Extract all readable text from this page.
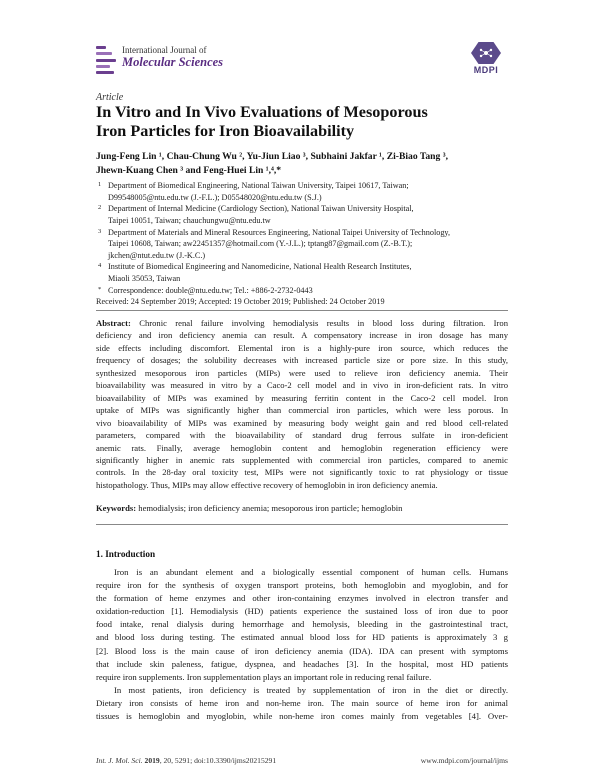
International Journal of
Molecular Sciences
MDPI
Article
In Vitro and In Vivo Evaluations of Mesoporous
Iron Particles for Iron Bioavailability
Jung-Feng Lin ¹, Chau-Chung Wu ², Yu-Jiun Liao ³, Subhaini Jakfar ¹, Zi-Biao Tang ³,
Jhewn-Kuang Chen ³ and Feng-Huei Lin ¹,⁴,*
1 Department of Biomedical Engineering, National Taiwan University, Taipei 10617, Taiwan;
D99548005@ntu.edu.tw (J.-F.L.); D05548020@ntu.edu.tw (S.J.)
2 Department of Internal Medicine (Cardiology Section), National Taiwan University Hospital,
Taipei 10051, Taiwan; chauchungwu@ntu.edu.tw
3 Department of Materials and Mineral Resources Engineering, National Taipei University of Technology,
Taipei 10608, Taiwan; aw22451357@hotmail.com (Y.-J.L.); tptang87@gmail.com (Z.-B.T.);
jkchen@ntut.edu.tw (J.-K.C.)
4 Institute of Biomedical Engineering and Nanomedicine, National Health Research Institutes,
Miaoli 35053, Taiwan
* Correspondence: double@ntu.edu.tw; Tel.: +886-2-2732-0443
Received: 24 September 2019; Accepted: 19 October 2019; Published: 24 October 2019
Abstract: Chronic renal failure involving hemodialysis results in blood loss during filtration. Iron
deficiency and iron deficiency anemia can result. A compensatory increase in iron dosage has many
side effects including discomfort. Elemental iron is a highly-pure iron source, which reduces the
frequency of dosages; the solubility decreases with increased particle size or pore size. In this study,
synthesized mesoporous iron particles (MIPs) were used to relieve iron deficiency anemia. Their
bioavailability was measured in vitro by a Caco-2 cell model and in vivo in iron-deficient rats. In vitro
bioavailability of MIPs was examined by measuring ferritin content in the Caco-2 cell model. Iron
uptake of MIPs was significantly higher than commercial iron particles, which were less porous. In
vivo bioavailability of MIPs was examined by measuring body weight gain and red blood cell-related
parameters, compared with the bioavailability of standard drug ferrous sulfate in iron-deficient
anemic rats. Finally, average hemoglobin content and hemoglobin regeneration efficiency were
significantly higher in anemic rats supplemented with commercial iron particles, compared to anemic
controls. In the 28-day oral toxicity test, MIPs were not significantly toxic to rat physiology or tissue
histopathology. Thus, MIPs may allow effective recovery of hemoglobin in iron deficiency anemia.
Keywords: hemodialysis; iron deficiency anemia; mesoporous iron particle; hemoglobin
1. Introduction
Iron is an abundant element and a biologically essential component of human cells. Humans
require iron for the synthesis of oxygen transport proteins, both hemoglobin and myoglobin, and for
the formation of heme enzymes and other iron-containing enzymes involved in electron transfer and
oxidation-reduction [1]. Hemodialysis (HD) patients experience the sustained loss of iron due to poor
food intake, renal dialysis during hemorrhage and hemolysis, bleeding in the gastrointestinal tract,
and blood loss during testing. The estimated annual blood loss for HD patients is approximately 3 g
[2]. Blood loss is the main cause of iron deficiency anemia (IDA). IDA can present with symptoms
that include skin paleness, fatigue, dyspnea, and headaches [3]. In the hospital, most HD patients
require iron supplements. Iron supplementation plays an important role in reducing renal failure.
In most patients, iron deficiency is treated by supplementation of iron in the diet or directly.
Dietary iron consists of heme iron and non-heme iron. The main source of heme iron for animal
tissues is hemoglobin and myoglobin, while non-heme iron comes mainly from vegetables [4]. Over-
Int. J. Mol. Sci. 2019, 20, 5291; doi:10.3390/ijms20215291	www.mdpi.com/journal/ijms
